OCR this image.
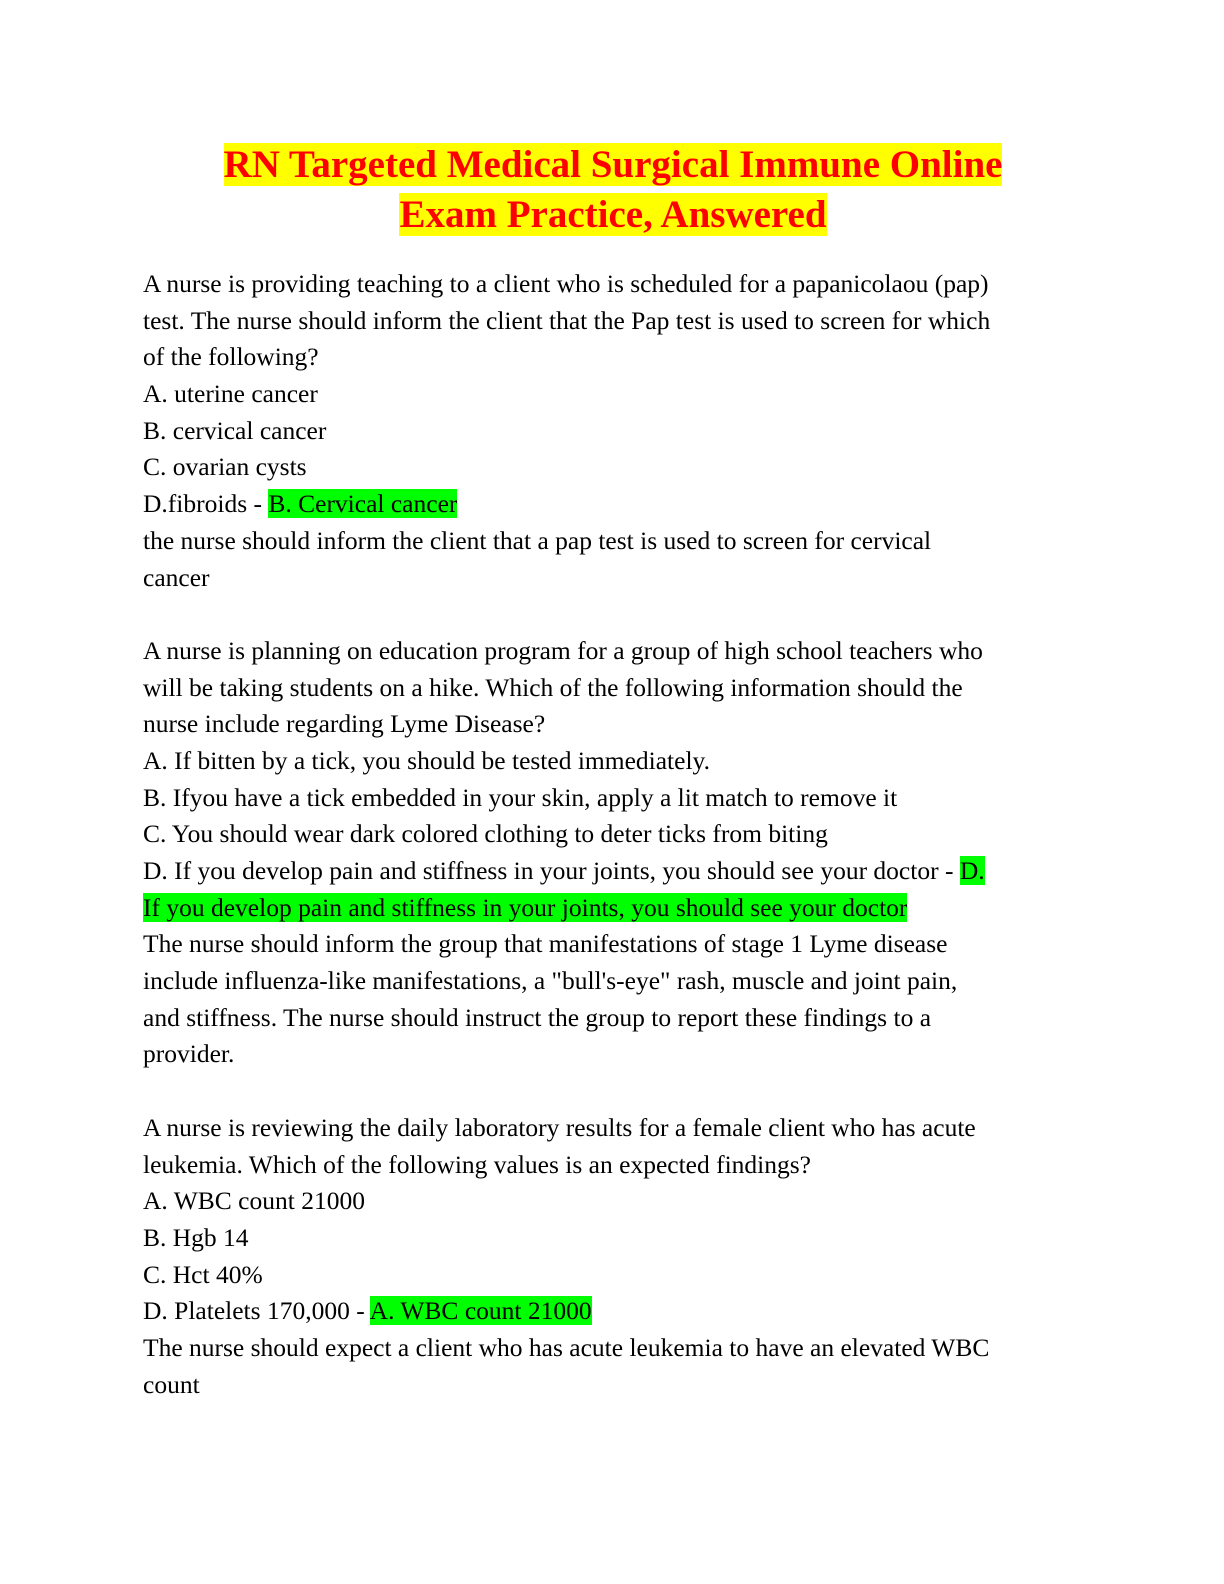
RN Targeted Medical Surgical Immune Online
Exam Practice, Answered
A nurse is providing teaching to a client who is scheduled for a papanicolaou (pap)
test. The nurse should inform the client that the Pap test is used to screen for which
of the following?
A. uterine cancer
B. cervical cancer
C. ovarian cysts
D.fibroids - B. Cervical cancer
the nurse should inform the client that a pap test is used to screen for cervical
cancer
A nurse is planning on education program for a group of high school teachers who
will be taking students on a hike. Which of the following information should the
nurse include regarding Lyme Disease?
A. If bitten by a tick, you should be tested immediately.
B. Ifyou have a tick embedded in your skin, apply a lit match to remove it
C. You should wear dark colored clothing to deter ticks from biting
D. If you develop pain and stiffness in your joints, you should see your doctor - D.
If you develop pain and stiffness in your joints, you should see your doctor
The nurse should inform the group that manifestations of stage 1 Lyme disease
include influenza-like manifestations, a "bull's-eye" rash, muscle and joint pain,
and stiffness. The nurse should instruct the group to report these findings to a
provider.
A nurse is reviewing the daily laboratory results for a female client who has acute
leukemia. Which of the following values is an expected findings?
A. WBC count 21000
B. Hgb 14
C. Hct 40%
D. Platelets 170,000 - A. WBC count 21000
The nurse should expect a client who has acute leukemia to have an elevated WBC
count
